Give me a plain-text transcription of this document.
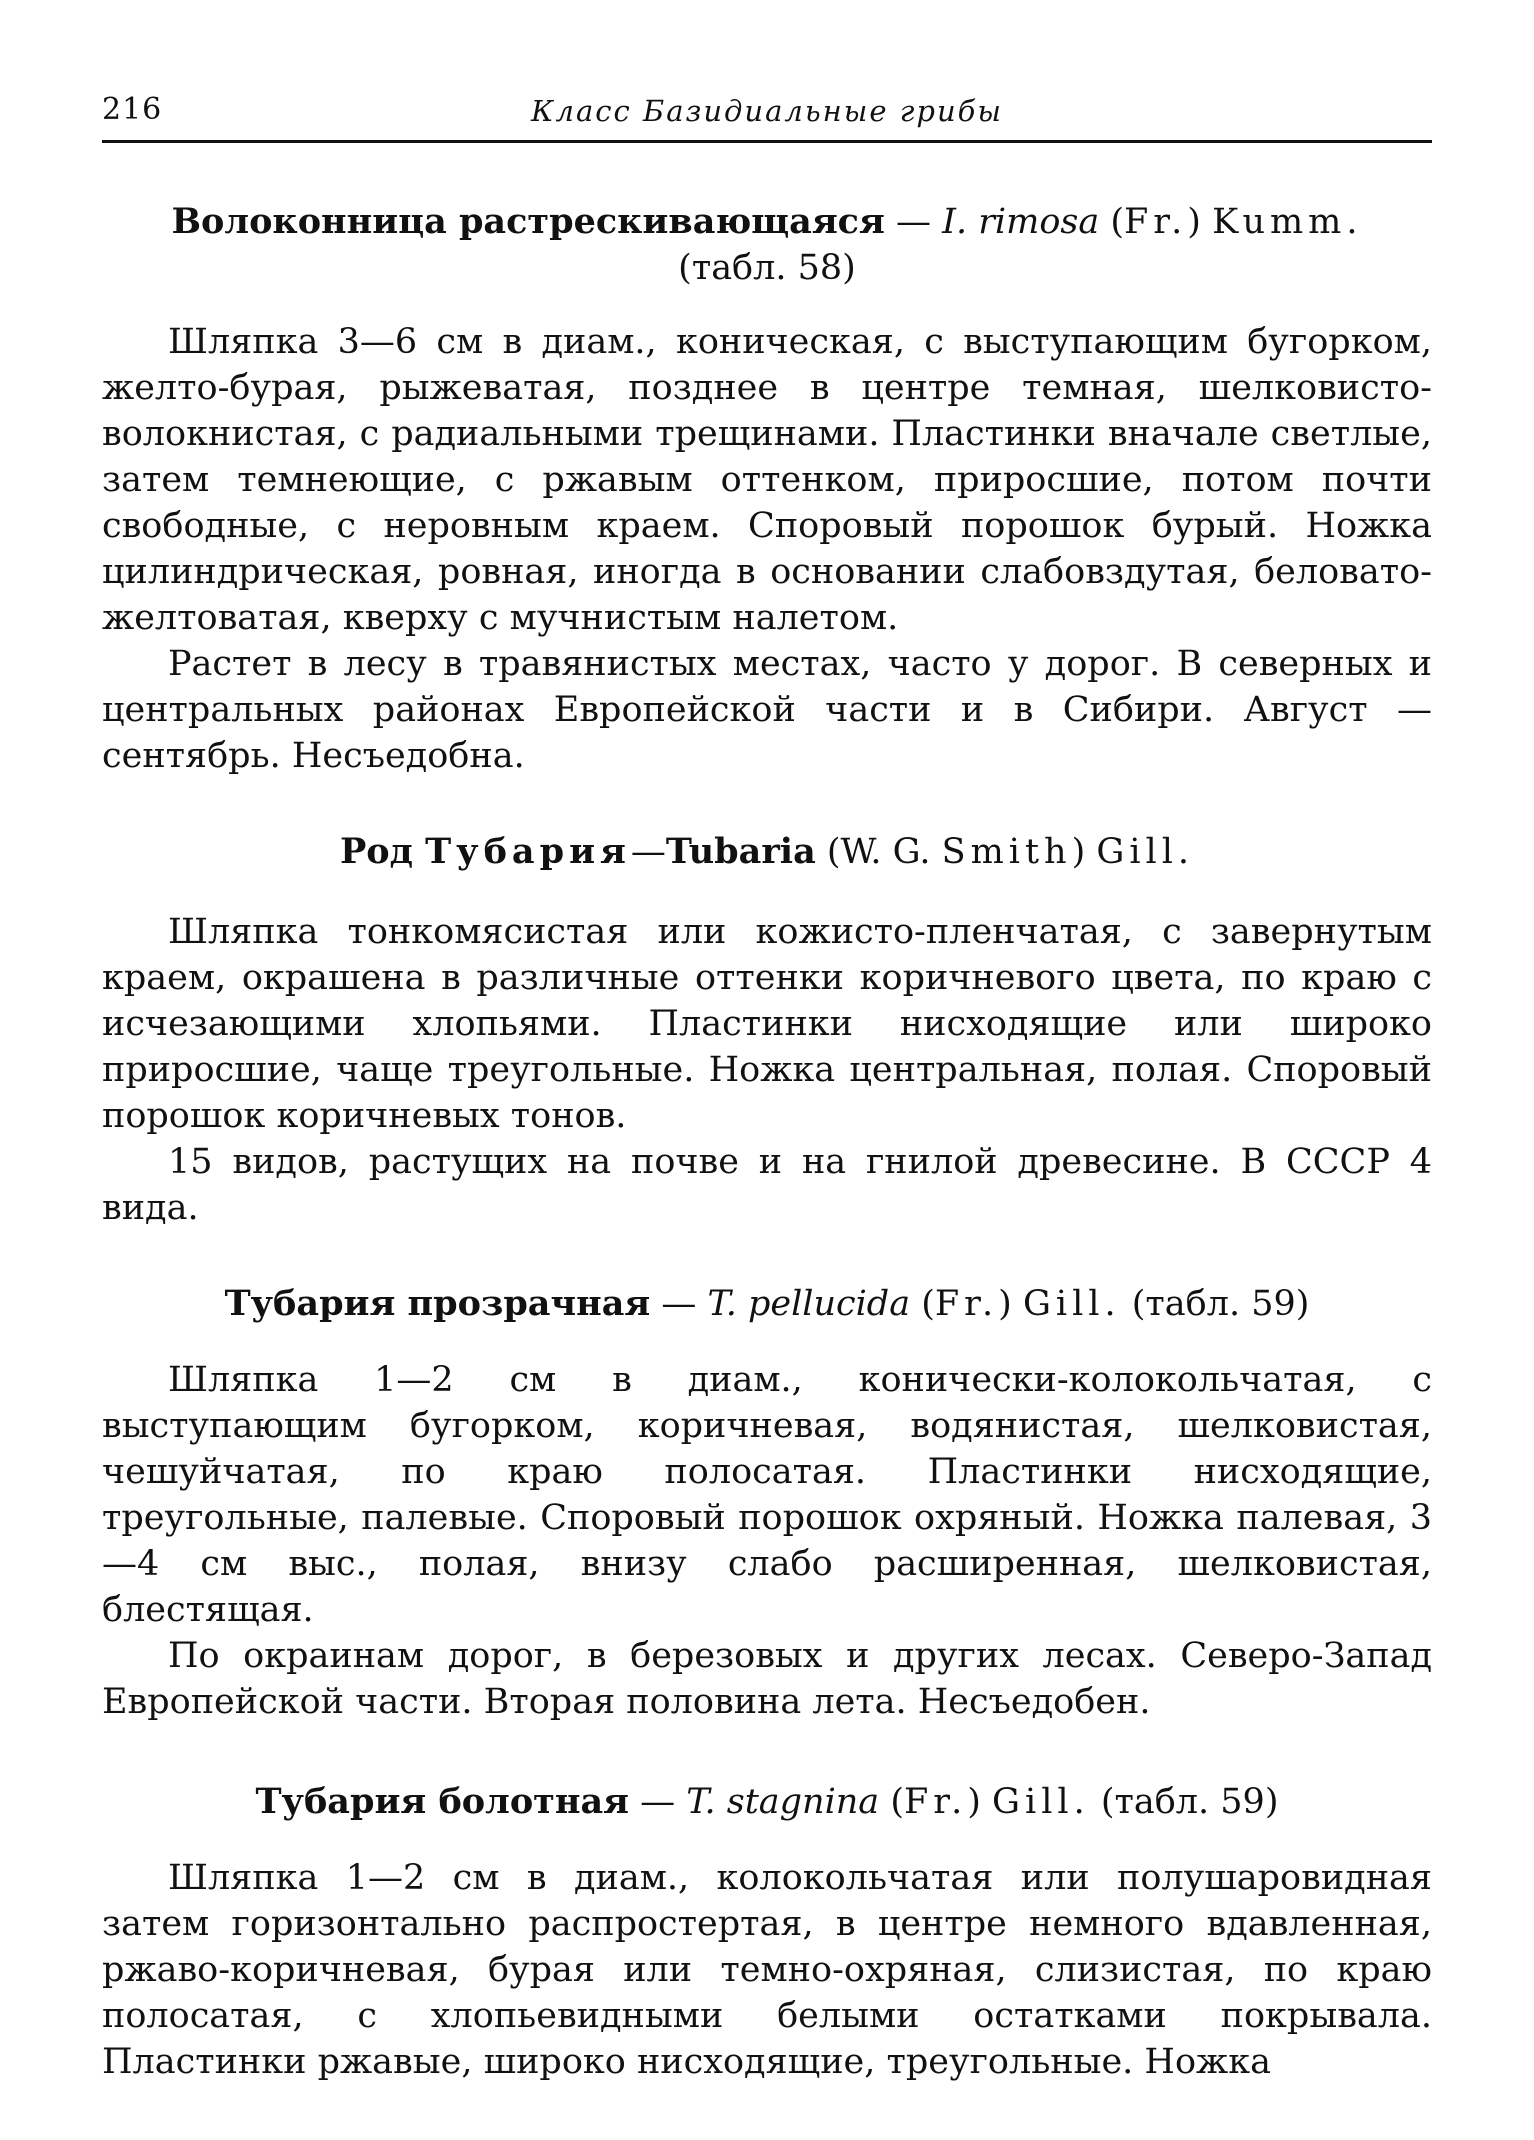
216	Класс Базидиальные грибы
Волоконница растрескивающаяся — I. rimosa (Fr.) Kumm.
(табл. 58)

Шляпка 3—6 см в диам., коническая, с выступающим бугорком, желто-бурая, рыжеватая, позднее в центре темная, шелковисто-волокнистая, с радиальными трещинами. Пластинки вначале светлые, затем темнеющие, с ржавым оттенком, приросшие, потом почти свободные, с неровным краем. Споровый порошок бурый. Ножка цилиндрическая, ровная, иногда в основании слабовздутая, беловато-желтоватая, кверху с мучнистым налетом.

Растет в лесу в травянистых местах, часто у дорог. В северных и центральных районах Европейской части и в Сибири. Август — сентябрь. Несъедобна.

Род Тубария—Tubaria (W. G. Smith) Gill.

Шляпка тонкомясистая или кожисто-пленчатая, с завернутым краем, окрашена в различные оттенки коричневого цвета, по краю с исчезающими хлопьями. Пластинки нисходящие или широко приросшие, чаще треугольные. Ножка центральная, полая. Споровый порошок коричневых тонов.

15 видов, растущих на почве и на гнилой древесине. В СССР 4 вида.

Тубария прозрачная — T. pellucida (Fr.) Gill. (табл. 59)

Шляпка 1—2 см в диам., конически-колокольчатая, с выступающим бугорком, коричневая, водянистая, шелковистая, чешуйчатая, по краю полосатая. Пластинки нисходящие, треугольные, палевые. Споровый порошок охряный. Ножка палевая, 3—4 см выс., полая, внизу слабо расширенная, шелковистая, блестящая.

По окраинам дорог, в березовых и других лесах. Северо-Запад Европейской части. Вторая половина лета. Несъедобен.

Тубария болотная — T. stagnina (Fr.) Gill. (табл. 59)

Шляпка 1—2 см в диам., колокольчатая или полушаровидная затем горизонтально распростертая, в центре немного вдавленная, ржаво-коричневая, бурая или темно-охряная, слизистая, по краю полосатая, с хлопьевидными белыми остатками покрывала. Пластинки ржавые, широко нисходящие, треугольные. Ножка
